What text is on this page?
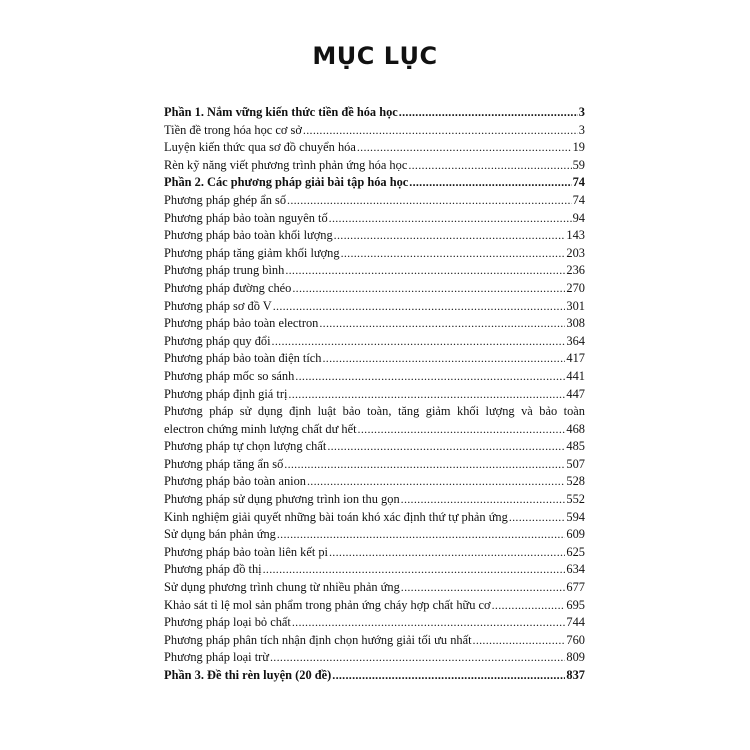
MỤC LỤC
Phần 1. Nắm vững kiến thức tiền đề hóa học .....	3
Tiền đề trong hóa học cơ sở .....	3
Luyện kiến thức qua sơ đồ chuyển hóa .....	19
Rèn kỹ năng viết phương trình phản ứng hóa học .....	59
Phần 2. Các phương pháp giải bài tập hóa học .....	74
Phương pháp ghép ẩn số .....	74
Phương pháp bảo toàn nguyên tố .....	94
Phương pháp bảo toàn khối lượng .....	143
Phương pháp tăng giảm khối lượng .....	203
Phương pháp trung bình .....	236
Phương pháp đường chéo .....	270
Phương pháp sơ đồ V .....	301
Phương pháp bảo toàn electron .....	308
Phương pháp quy đổi .....	364
Phương pháp bảo toàn điện tích .....	417
Phương pháp mốc so sánh .....	441
Phương pháp định giá trị .....	447
Phương pháp sử dụng định luật bảo toàn, tăng giảm khối lượng và bảo toàn
electron chứng minh lượng chất dư hết .....	468
Phương pháp tự chọn lượng chất .....	485
Phương pháp tăng ẩn số .....	507
Phương pháp bảo toàn anion .....	528
Phương pháp sử dụng phương trình ion thu gọn .....	552
Kinh nghiệm giải quyết những bài toán khó xác định thứ tự phản ứng .....	594
Sử dụng bán phản ứng .....	609
Phương pháp bảo toàn liên kết pi .....	625
Phương pháp đồ thị .....	634
Sử dụng phương trình chung từ nhiều phản ứng .....	677
Khảo sát tỉ lệ mol sản phẩm trong phản ứng cháy hợp chất hữu cơ .....	695
Phương pháp loại bỏ chất .....	744
Phương pháp phân tích nhận định chọn hướng giải tối ưu nhất .....	760
Phương pháp loại trừ .....	809
Phần 3. Đề thi rèn luyện (20 đề) .....	837
